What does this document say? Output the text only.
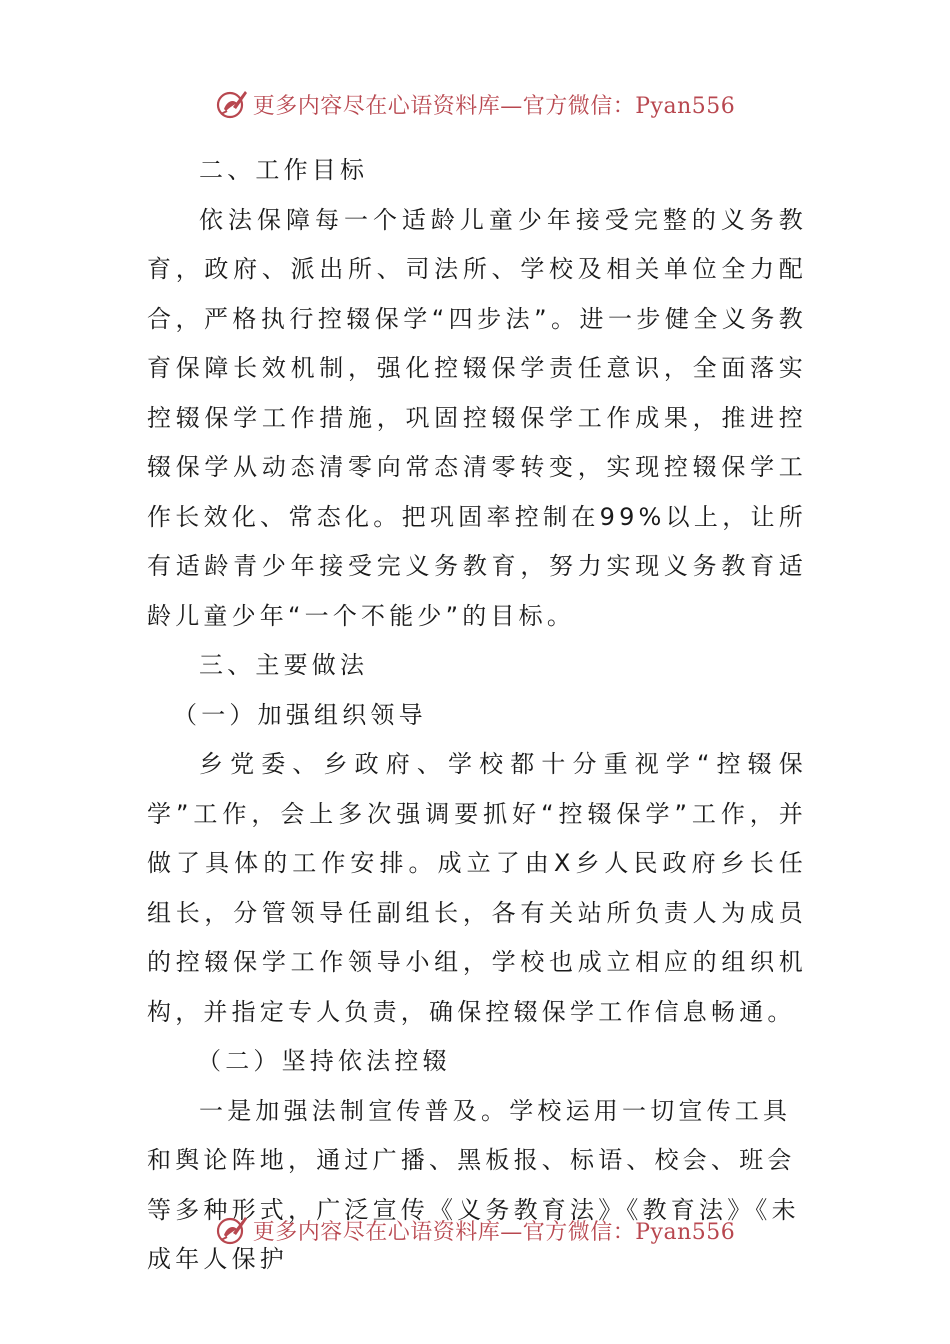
更多内容尽在心语资料库—官方微信：Pyan556

二、工作目标

依法保障每一个适龄儿童少年接受完整的义务教育，政府、派出所、司法所、学校及相关单位全力配合，严格执行控辍保学“四步法”。进一步健全义务教育保障长效机制，强化控辍保学责任意识，全面落实控辍保学工作措施，巩固控辍保学工作成果，推进控辍保学从动态清零向常态清零转变，实现控辍保学工作长效化、常态化。把巩固率控制在99%以上，让所有适龄青少年接受完义务教育，努力实现义务教育适龄儿童少年“一个不能少”的目标。

三、主要做法

（一）加强组织领导

乡党委、乡政府、学校都十分重视学“控辍保学”工作，会上多次强调要抓好“控辍保学”工作，并做了具体的工作安排。成立了由X乡人民政府乡长任组长，分管领导任副组长，各有关站所负责人为成员的控辍保学工作领导小组，学校也成立相应的组织机构，并指定专人负责，确保控辍保学工作信息畅通。

（二）坚持依法控辍

一是加强法制宣传普及。学校运用一切宣传工具和舆论阵地，通过广播、黑板报、标语、校会、班会等多种形式，广泛宣传《义务教育法》《教育法》《未成年人保护

更多内容尽在心语资料库—官方微信：Pyan556
